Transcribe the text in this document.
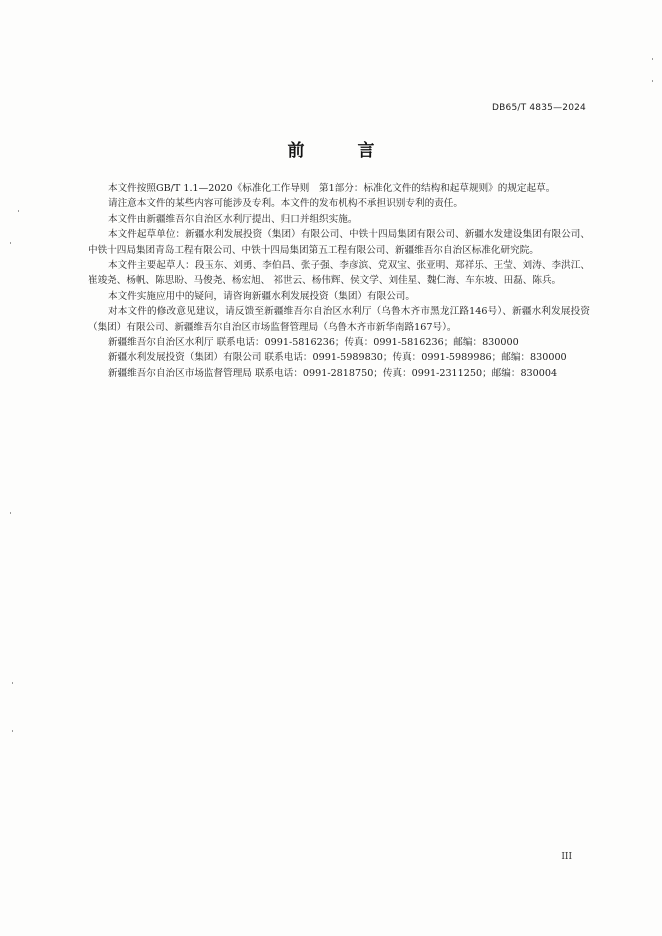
DB65/T 4835—2024
前　言

本文件按照GB/T 1.1—2020《标准化工作导则　第1部分：标准化文件的结构和起草规则》的规定起草。

请注意本文件的某些内容可能涉及专利。本文件的发布机构不承担识别专利的责任。

本文件由新疆维吾尔自治区水利厅提出、归口并组织实施。

本文件起草单位：新疆水利发展投资（集团）有限公司、中铁十四局集团有限公司、新疆水发建设集团有限公司、中铁十四局集团青岛工程有限公司、中铁十四局集团第五工程有限公司、新疆维吾尔自治区标准化研究院。

本文件主要起草人：段玉东、刘勇、李伯昌、张子强、李彦滨、党双宝、张亚明、郑祥乐、王莹、刘涛、李洪江、崔竣尧、杨帆、陈思盼、马俊尧、杨宏旭、 祁世云、杨伟辉、侯文学、刘佳星、魏仁海、车东坡、田磊、陈兵。

本文件实施应用中的疑问，请咨询新疆水利发展投资（集团）有限公司。

对本文件的修改意见建议，请反馈至新疆维吾尔自治区水利厅（乌鲁木齐市黑龙江路146号）、新疆水利发展投资（集团）有限公司、新疆维吾尔自治区市场监督管理局（乌鲁木齐市新华南路167号）。

新疆维吾尔自治区水利厅 联系电话：0991-5816236；传真：0991-5816236；邮编：830000

新疆水利发展投资（集团）有限公司 联系电话：0991-5989830；传真：0991-5989986；邮编：830000

新疆维吾尔自治区市场监督管理局 联系电话：0991-2818750；传真：0991-2311250；邮编：830004

III
